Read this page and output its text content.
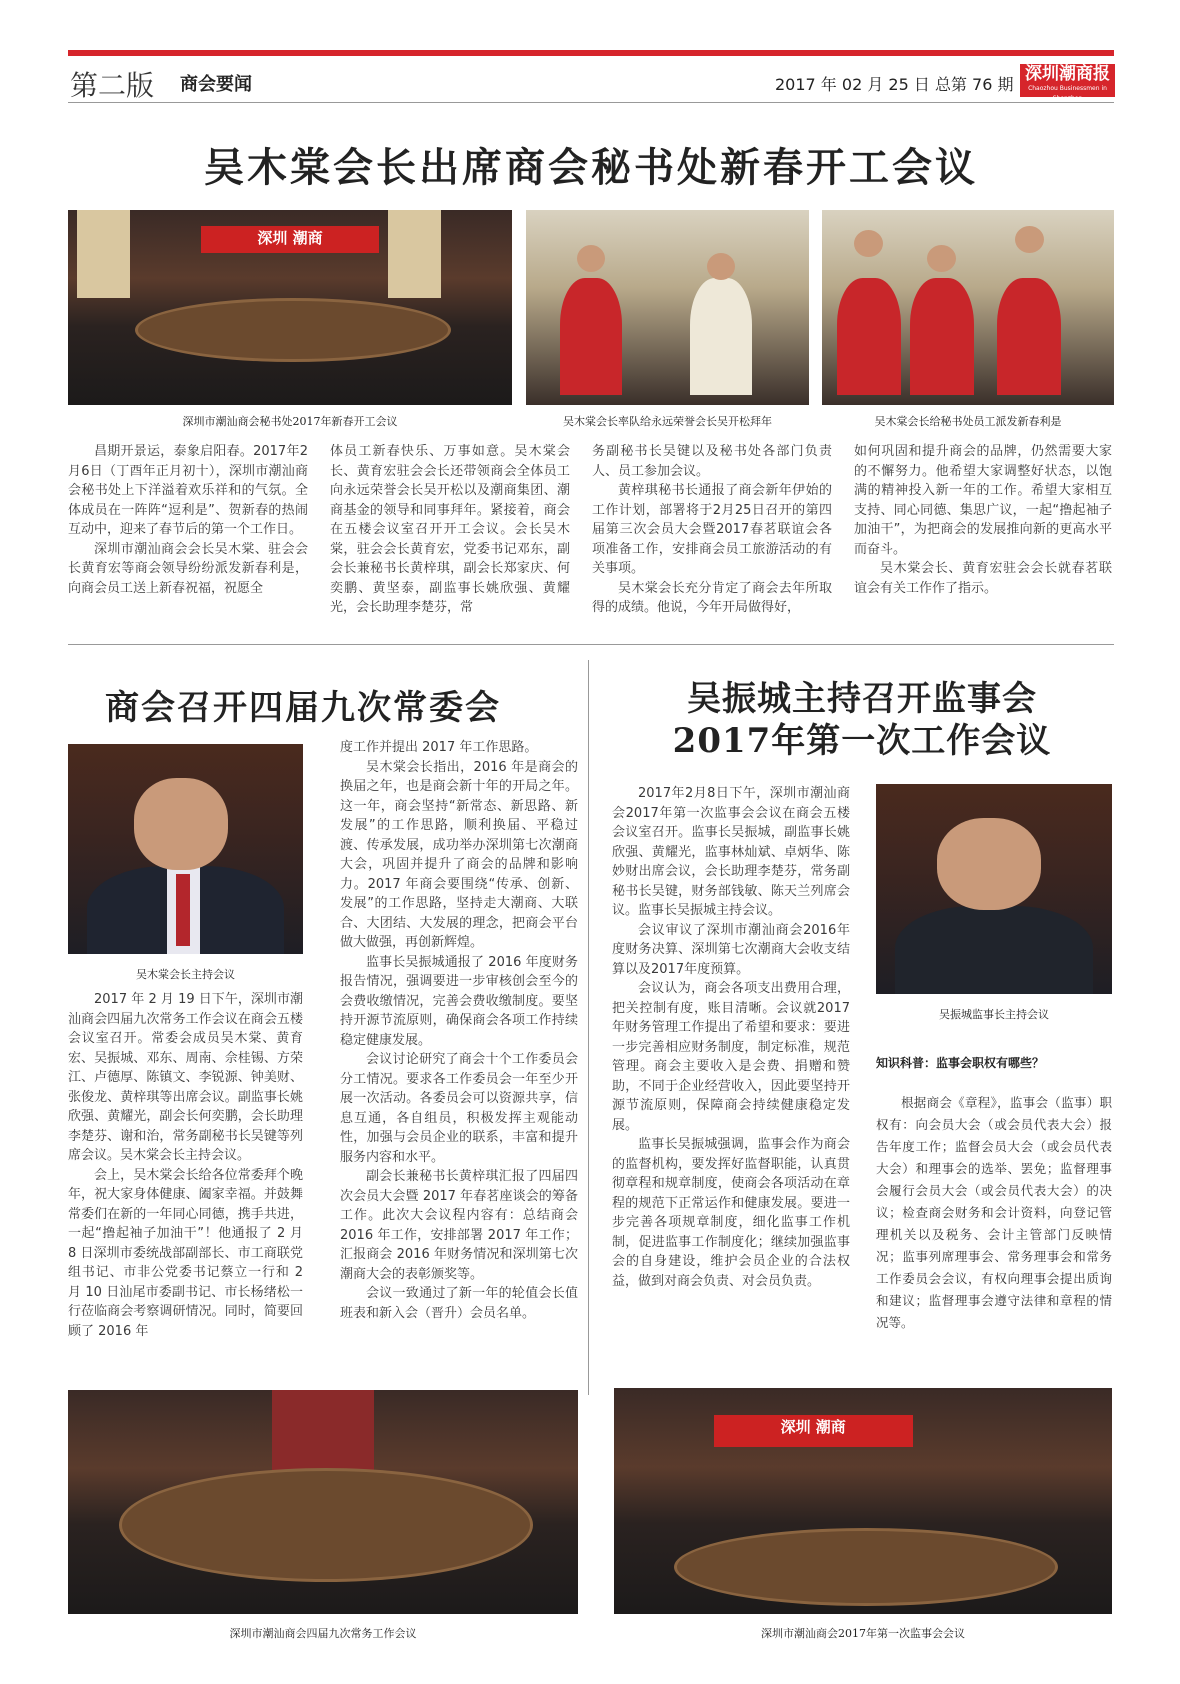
第二版 商会要闻	2017 年 02 月 25 日 总第 76 期
深圳潮商报
Chaozhou Businessmen in Shenzhen
吴木棠会长出席商会秘书处新春开工会议
深圳 潮商
深圳市潮汕商会秘书处2017年新春开工会议	吴木棠会长率队给永远荣誉会长吴开松拜年	吴木棠会长给秘书处员工派发新春利是

昌期开景运，泰象启阳春。2017年2月6日（丁酉年正月初十），深圳市潮汕商会秘书处上下洋溢着欢乐祥和的气氛。全体成员在一阵阵“逗利是”、贺新春的热闹互动中，迎来了春节后的第一个工作日。

深圳市潮汕商会会长吴木棠、驻会会长黄育宏等商会领导纷纷派发新春利是，向商会员工送上新春祝福，祝愿全

体员工新春快乐、万事如意。吴木棠会长、黄育宏驻会会长还带领商会全体员工向永远荣誉会长吴开松以及潮商集团、潮商基金的领导和同事拜年。紧接着，商会在五楼会议室召开开工会议。会长吴木棠，驻会会长黄育宏，党委书记邓东，副会长兼秘书长黄梓琪，副会长郑家庆、何奕鹏、黄坚泰，副监事长姚欣强、黄耀光，会长助理李楚芬，常

务副秘书长吴键以及秘书处各部门负责人、员工参加会议。

黄梓琪秘书长通报了商会新年伊始的工作计划，部署将于2月25日召开的第四届第三次会员大会暨2017春茗联谊会各项准备工作，安排商会员工旅游活动的有关事项。

吴木棠会长充分肯定了商会去年所取得的成绩。他说，今年开局做得好，

如何巩固和提升商会的品牌，仍然需要大家的不懈努力。他希望大家调整好状态，以饱满的精神投入新一年的工作。希望大家相互支持、同心同德、集思广议，一起“撸起袖子加油干”，为把商会的发展推向新的更高水平而奋斗。

吴木棠会长、黄育宏驻会会长就春茗联谊会有关工作作了指示。

商会召开四届九次常委会
吴木棠会长主持会议

2017 年 2 月 19 日下午，深圳市潮汕商会四届九次常务工作会议在商会五楼会议室召开。常委会成员吴木棠、黄育宏、吴振城、邓东、周南、佘桂锡、方荣江、卢德厚、陈镇文、李锐源、钟美财、张俊龙、黄梓琪等出席会议。副监事长姚欣强、黄耀光，副会长何奕鹏，会长助理李楚芬、谢和治，常务副秘书长吴键等列席会议。吴木棠会长主持会议。

会上，吴木棠会长给各位常委拜个晚年，祝大家身体健康、阖家幸福。并鼓舞常委们在新的一年同心同德，携手共进，一起“撸起袖子加油干”！他通报了 2 月 8 日深圳市委统战部副部长、市工商联党组书记、市非公党委书记蔡立一行和 2 月 10 日汕尾市委副书记、市长杨绪松一行莅临商会考察调研情况。同时，简要回顾了 2016 年

度工作并提出 2017 年工作思路。

吴木棠会长指出，2016 年是商会的换届之年，也是商会新十年的开局之年。这一年，商会坚持“新常态、新思路、新发展”的工作思路，顺利换届、平稳过渡、传承发展，成功举办深圳第七次潮商大会，巩固并提升了商会的品牌和影响力。2017 年商会要围绕“传承、创新、发展”的工作思路，坚持走大潮商、大联合、大团结、大发展的理念，把商会平台做大做强，再创新辉煌。

监事长吴振城通报了 2016 年度财务报告情况，强调要进一步审核创会至今的会费收缴情况，完善会费收缴制度。要坚持开源节流原则，确保商会各项工作持续稳定健康发展。

会议讨论研究了商会十个工作委员会分工情况。要求各工作委员会一年至少开展一次活动。各委员会可以资源共享，信息互通，各自组员，积极发挥主观能动性，加强与会员企业的联系，丰富和提升服务内容和水平。

副会长兼秘书长黄梓琪汇报了四届四次会员大会暨 2017 年春茗座谈会的筹备工作。此次大会议程内容有：总结商会 2016 年工作，安排部署 2017 年工作；汇报商会 2016 年财务情况和深圳第七次潮商大会的表彰颁奖等。

会议一致通过了新一年的轮值会长值班表和新入会（晋升）会员名单。

深圳市潮汕商会四届九次常务工作会议
吴振城主持召开监事会
2017年第一次工作会议

2017年2月8日下午，深圳市潮汕商会2017年第一次监事会会议在商会五楼会议室召开。监事长吴振城，副监事长姚欣强、黄耀光，监事林灿斌、卓炳华、陈妙财出席会议，会长助理李楚芬，常务副秘书长吴键，财务部钱敏、陈天兰列席会议。监事长吴振城主持会议。

会议审议了深圳市潮汕商会2016年度财务决算、深圳第七次潮商大会收支结算以及2017年度预算。

会议认为，商会各项支出费用合理，把关控制有度，账目清晰。会议就2017年财务管理工作提出了希望和要求：要进一步完善相应财务制度，制定标准，规范管理。商会主要收入是会费、捐赠和赞助，不同于企业经营收入，因此要坚持开源节流原则，保障商会持续健康稳定发展。

监事长吴振城强调，监事会作为商会的监督机构，要发挥好监督职能，认真贯彻章程和规章制度，使商会各项活动在章程的规范下正常运作和健康发展。要进一步完善各项规章制度，细化监事工作机制，促进监事工作制度化；继续加强监事会的自身建设，维护会员企业的合法权益，做到对商会负责、对会员负责。

吴振城监事长主持会议
知识科普：监事会职权有哪些？

根据商会《章程》，监事会（监事）职权有：向会员大会（或会员代表大会）报告年度工作；监督会员大会（或会员代表大会）和理事会的选举、罢免；监督理事会履行会员大会（或会员代表大会）的决议；检查商会财务和会计资料，向登记管理机关以及税务、会计主管部门反映情况；监事列席理事会、常务理事会和常务工作委员会会议，有权向理事会提出质询和建议；监督理事会遵守法律和章程的情况等。

深圳 潮商
深圳市潮汕商会2017年第一次监事会会议
